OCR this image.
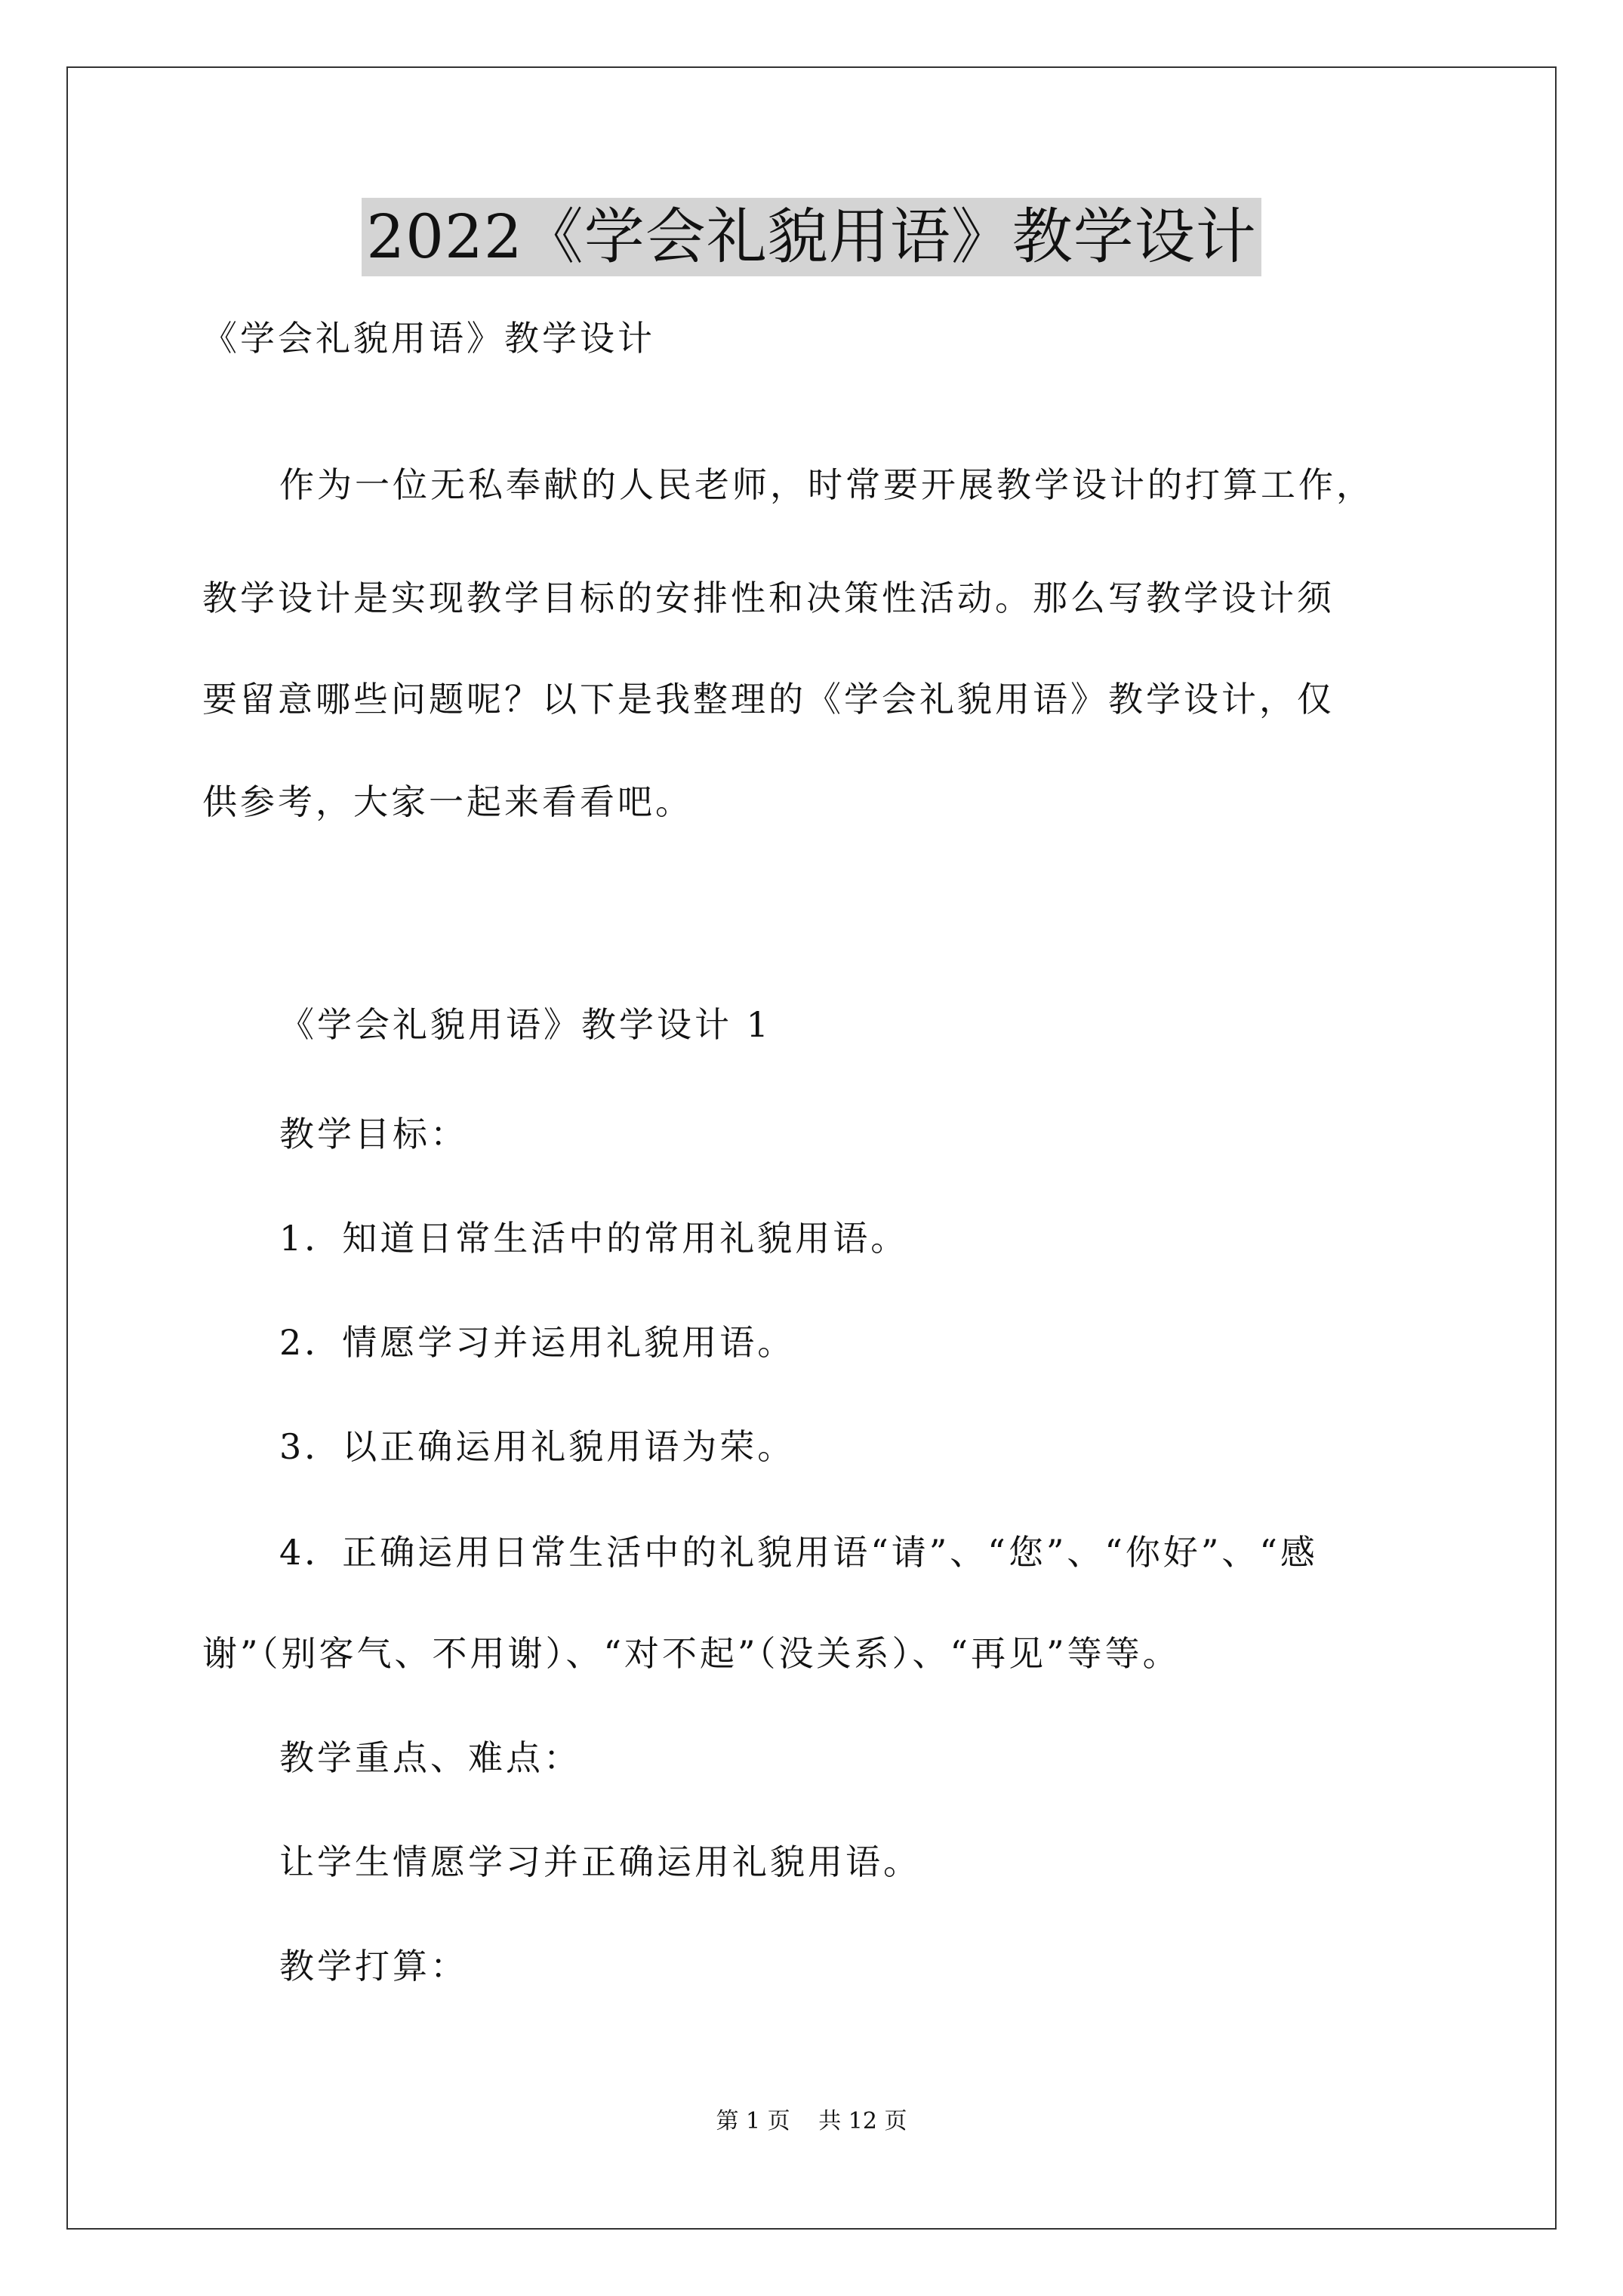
2022《学会礼貌用语》教学设计
《学会礼貌用语》教学设计
作为一位无私奉献的人民老师，时常要开展教学设计的打算工作，
教学设计是实现教学目标的安排性和决策性活动。那么写教学设计须
要留意哪些问题呢？以下是我整理的《学会礼貌用语》教学设计，仅
供参考，大家一起来看看吧。
《学会礼貌用语》教学设计 1
教学目标：
1．知道日常生活中的常用礼貌用语。
2．情愿学习并运用礼貌用语。
3．以正确运用礼貌用语为荣。
4．正确运用日常生活中的礼貌用语“请”、“您”、“你好”、“感
谢”（别客气、不用谢）、“对不起”（没关系）、“再见”等等。
教学重点、难点：
让学生情愿学习并正确运用礼貌用语。
教学打算：
第 1 页 共 12 页
